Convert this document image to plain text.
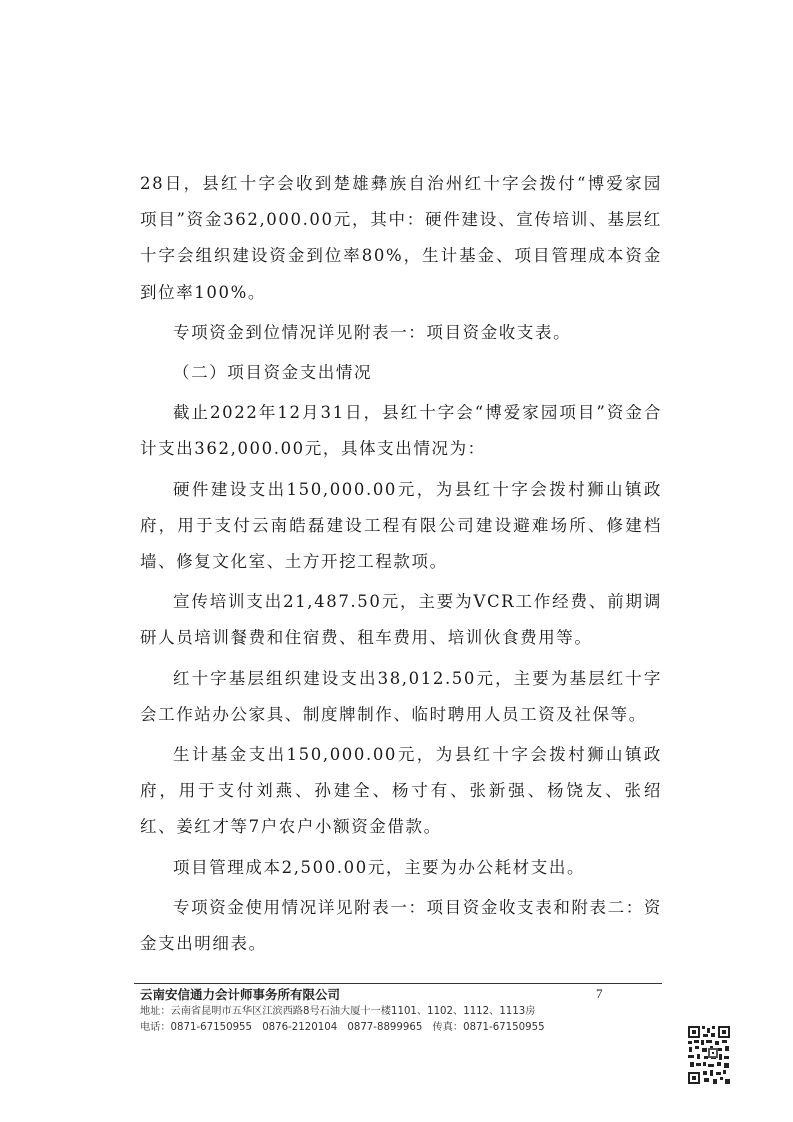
28日，县红十字会收到楚雄彝族自治州红十字会拨付“博爱家园项目”资金362,000.00元，其中：硬件建设、宣传培训、基层红十字会组织建设资金到位率80%，生计基金、项目管理成本资金到位率100%。

专项资金到位情况详见附表一：项目资金收支表。

（二）项目资金支出情况

截止2022年12月31日，县红十字会“博爱家园项目”资金合计支出362,000.00元，具体支出情况为：

硬件建设支出150,000.00元，为县红十字会拨村狮山镇政府，用于支付云南皓磊建设工程有限公司建设避难场所、修建档墙、修复文化室、土方开挖工程款项。

宣传培训支出21,487.50元，主要为VCR工作经费、前期调研人员培训餐费和住宿费、租车费用、培训伙食费用等。

红十字基层组织建设支出38,012.50元，主要为基层红十字会工作站办公家具、制度牌制作、临时聘用人员工资及社保等。

生计基金支出150,000.00元，为县红十字会拨村狮山镇政府，用于支付刘燕、孙建全、杨寸有、张新强、杨饶友、张绍红、姜红才等7户农户小额资金借款。

项目管理成本2,500.00元，主要为办公耗材支出。

专项资金使用情况详见附表一：项目资金收支表和附表二：资金支出明细表。

云南安信通力会计师事务所有限公司	7
地址：云南省昆明市五华区江滨西路8号石油大厦十一楼1101、1102、1112、1113房
电话：0871-67150955　0876-2120104　0877-8899965　传真：0871-67150955
